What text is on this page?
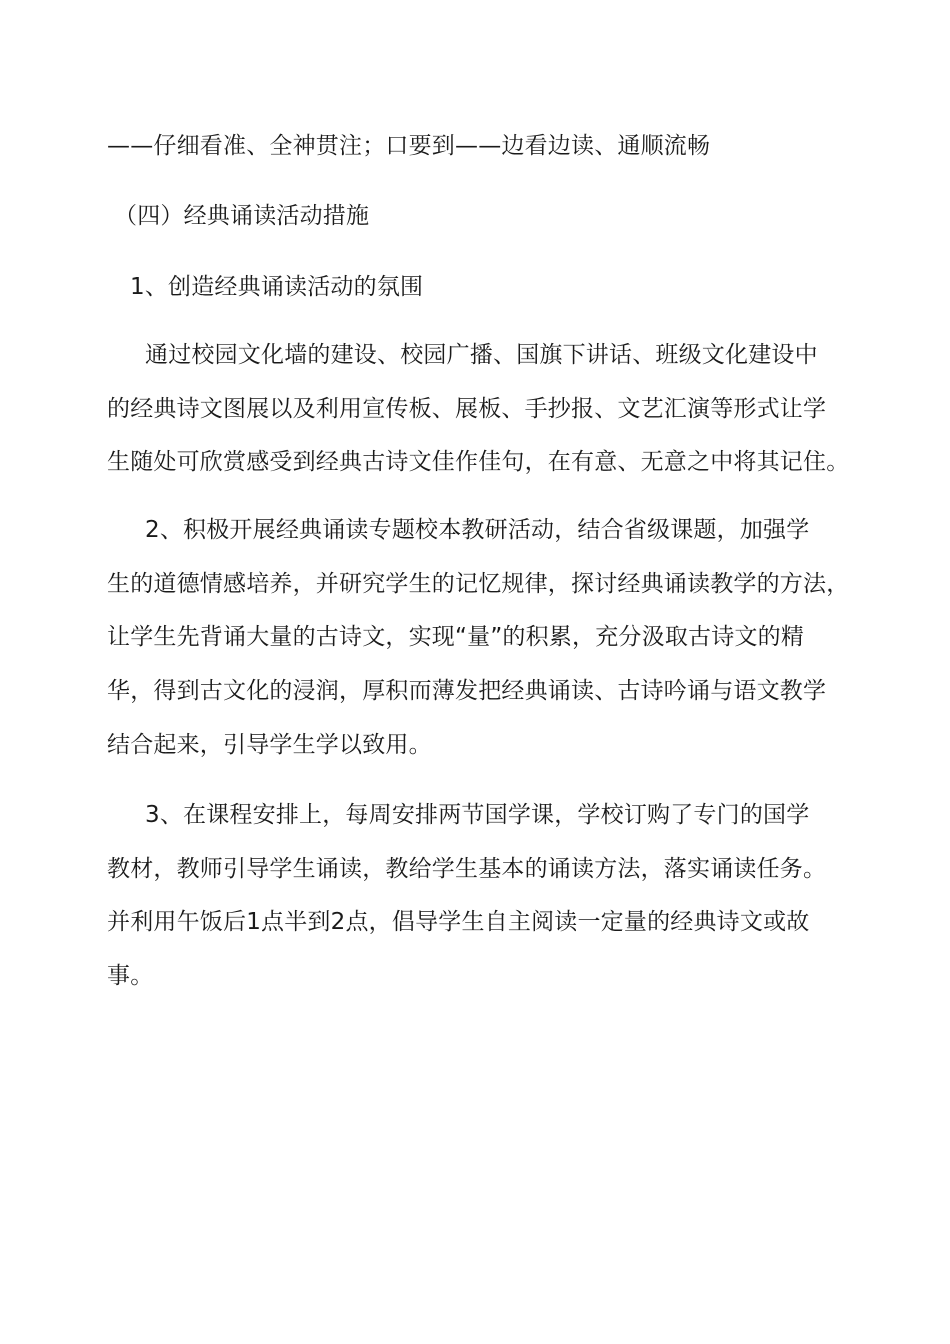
——仔细看准、全神贯注；口要到——边看边读、通顺流畅
（四）经典诵读活动措施
1、创造经典诵读活动的氛围
通过校园文化墙的建设、校园广播、国旗下讲话、班级文化建设中
的经典诗文图展以及利用宣传板、展板、手抄报、文艺汇演等形式让学
生随处可欣赏感受到经典古诗文佳作佳句，在有意、无意之中将其记住。
2、积极开展经典诵读专题校本教研活动，结合省级课题，加强学
生的道德情感培养，并研究学生的记忆规律，探讨经典诵读教学的方法，
让学生先背诵大量的古诗文，实现“量”的积累，充分汲取古诗文的精
华，得到古文化的浸润，厚积而薄发把经典诵读、古诗吟诵与语文教学
结合起来，引导学生学以致用。
3、在课程安排上，每周安排两节国学课，学校订购了专门的国学
教材，教师引导学生诵读，教给学生基本的诵读方法，落实诵读任务。
并利用午饭后1点半到2点，倡导学生自主阅读一定量的经典诗文或故
事。
